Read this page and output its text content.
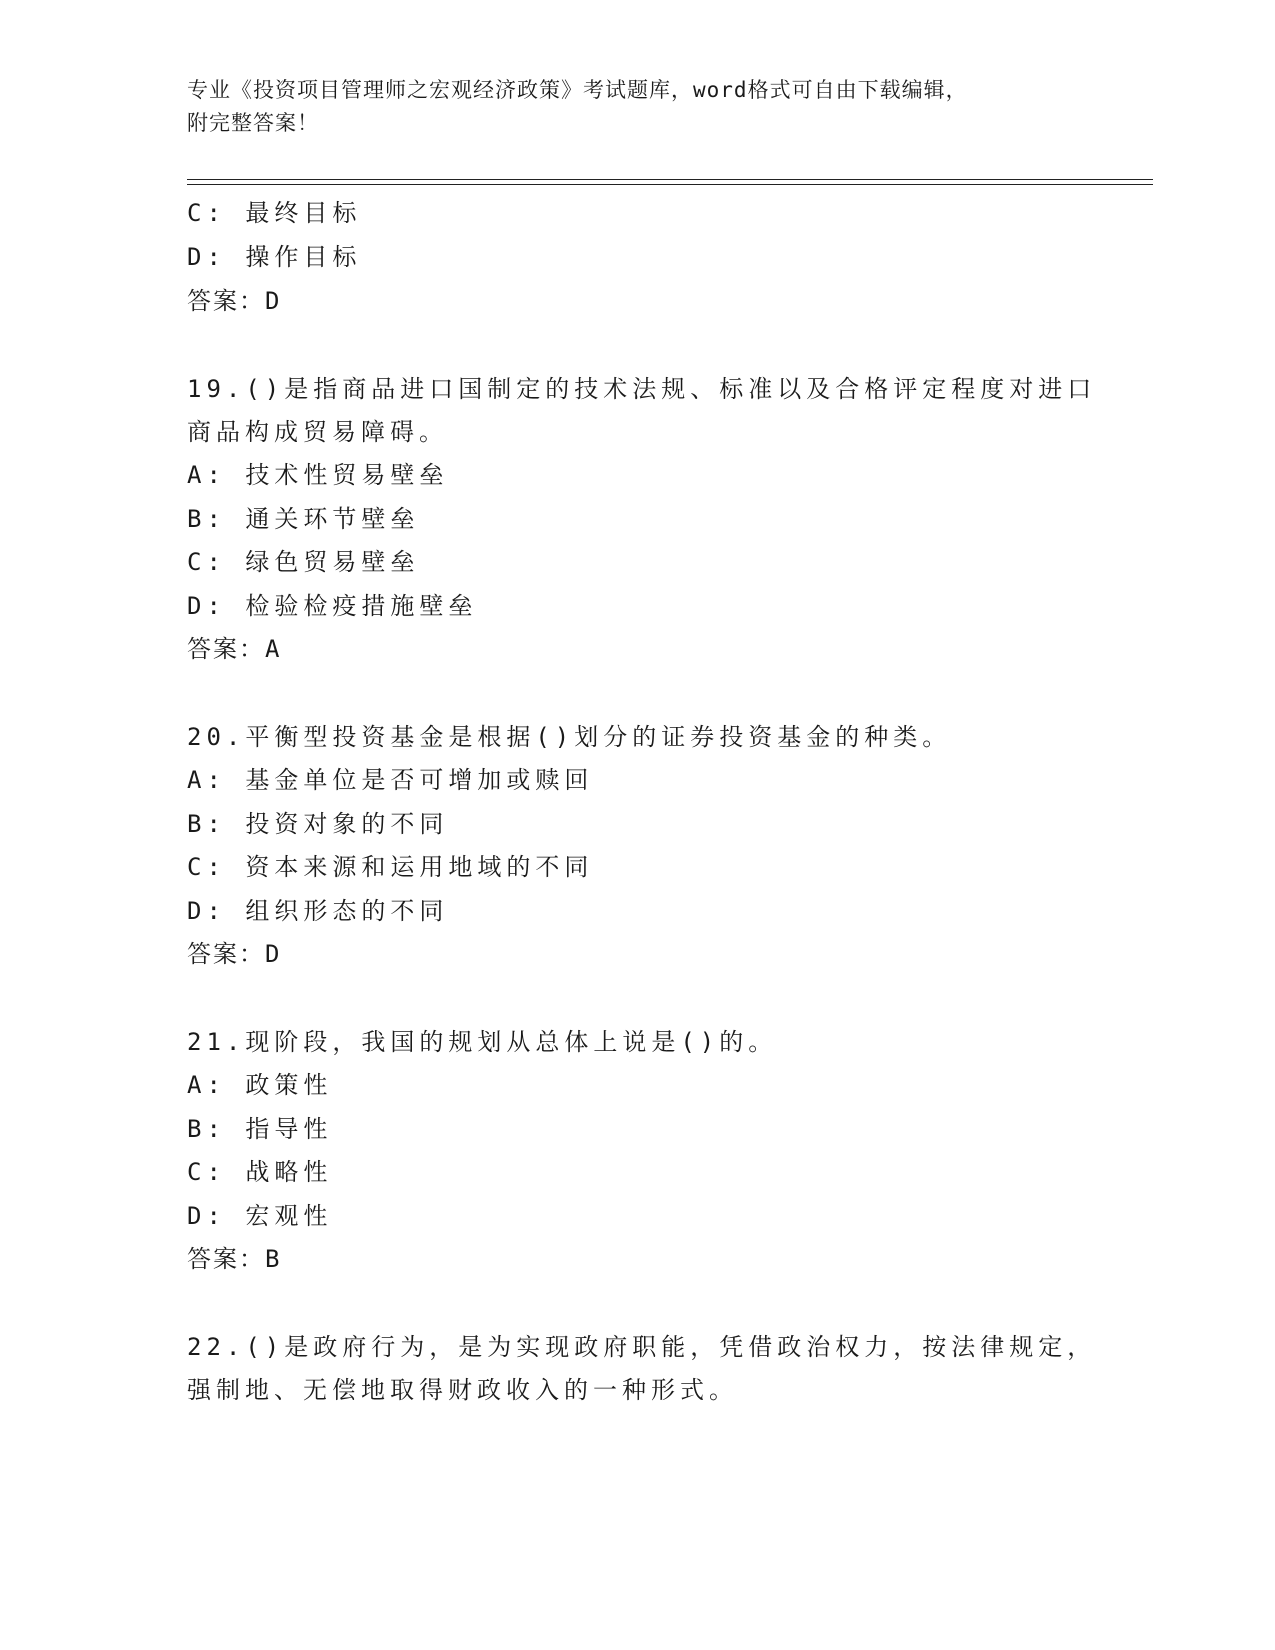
专业《投资项目管理师之宏观经济政策》考试题库，word格式可自由下载编辑，
附完整答案！
C: 最终目标
D: 操作目标
答案：D
19.()是指商品进口国制定的技术法规、标准以及合格评定程度对进口
商品构成贸易障碍。
A: 技术性贸易壁垒
B: 通关环节壁垒
C: 绿色贸易壁垒
D: 检验检疫措施壁垒
答案：A
20.平衡型投资基金是根据()划分的证券投资基金的种类。
A: 基金单位是否可增加或赎回
B: 投资对象的不同
C: 资本来源和运用地域的不同
D: 组织形态的不同
答案：D
21.现阶段，我国的规划从总体上说是()的。
A: 政策性
B: 指导性
C: 战略性
D: 宏观性
答案：B
22.()是政府行为，是为实现政府职能，凭借政治权力，按法律规定，
强制地、无偿地取得财政收入的一种形式。
